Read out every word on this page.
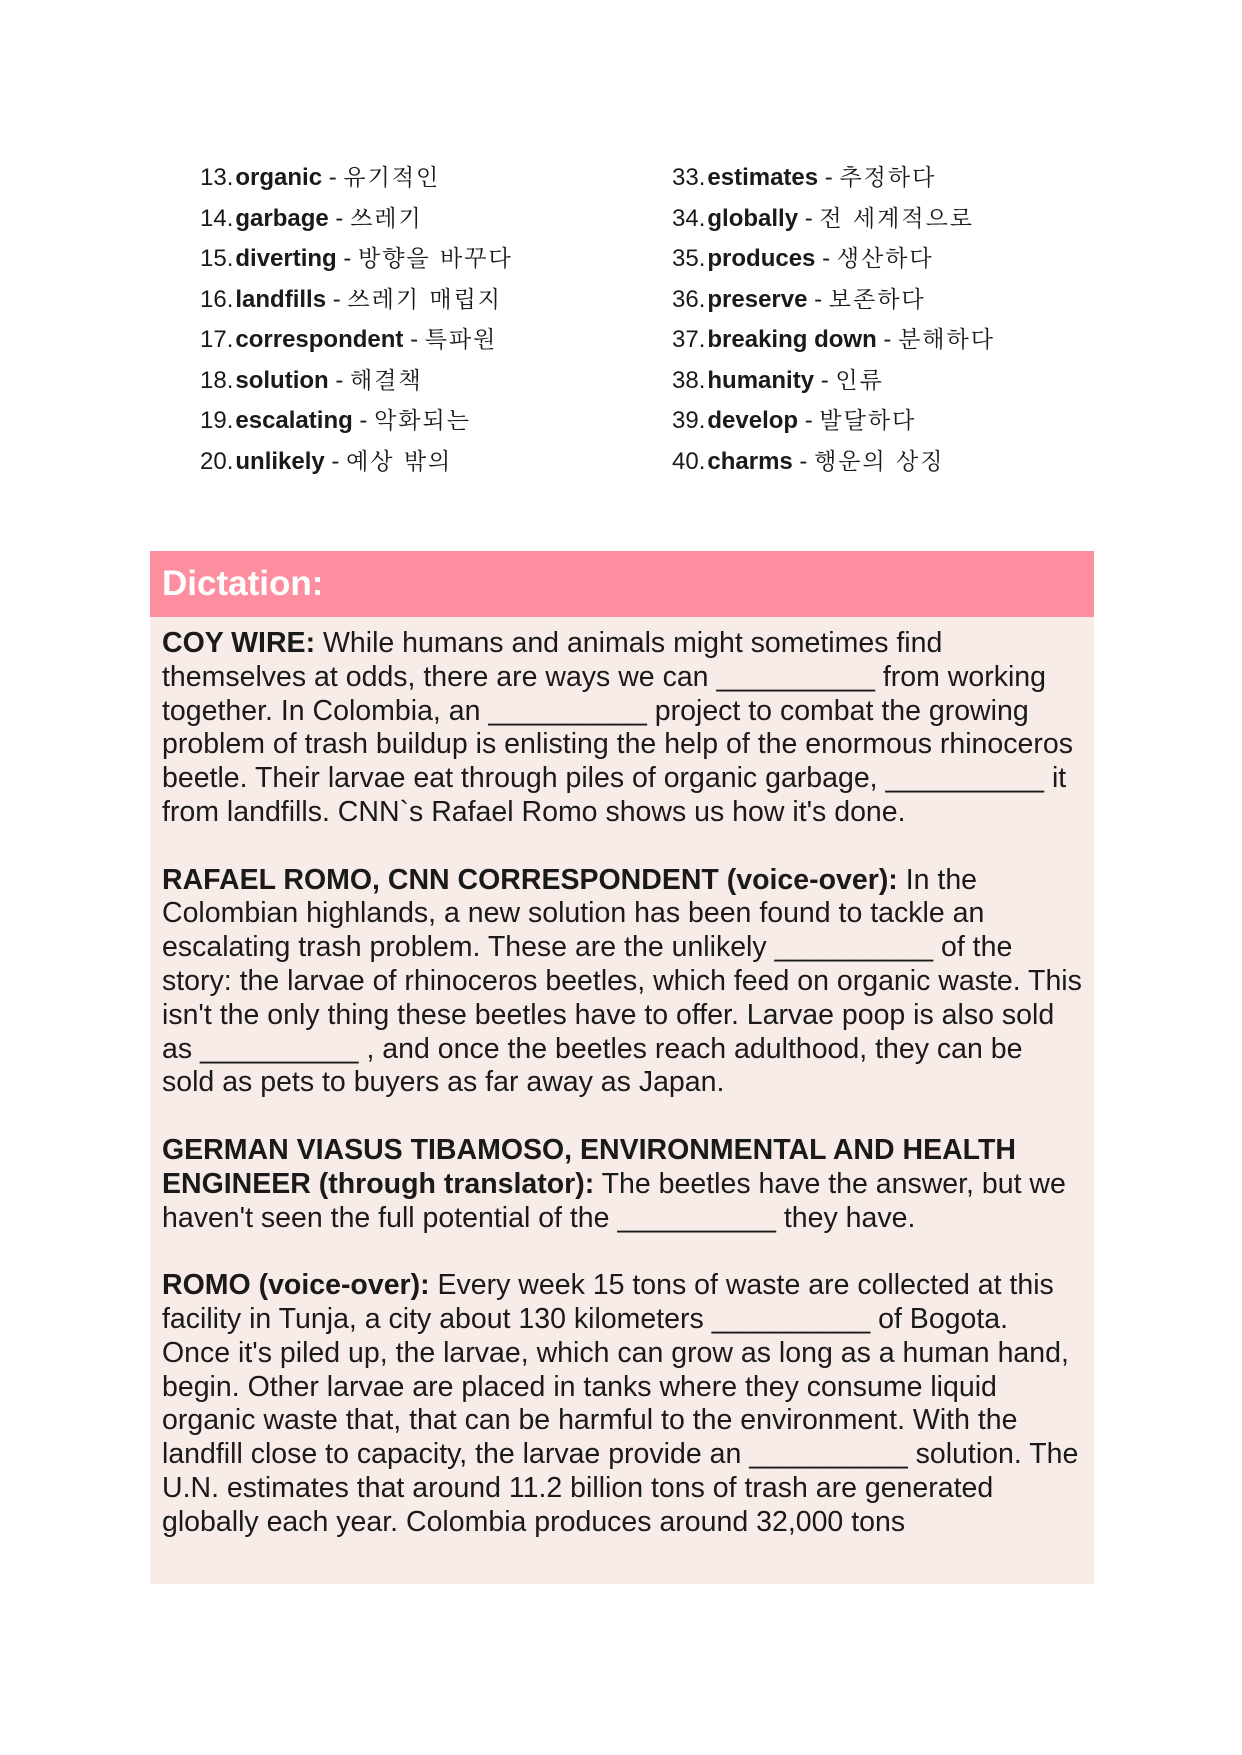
13.organic - 유기적인
14.garbage - 쓰레기
15.diverting - 방향을 바꾸다
16.landfills - 쓰레기 매립지
17.correspondent - 특파원
18.solution - 해결책
19.escalating - 악화되는
20.unlikely - 예상 밖의
33.estimates - 추정하다
34.globally - 전 세계적으로
35.produces - 생산하다
36.preserve - 보존하다
37.breaking down - 분해하다
38.humanity - 인류
39.develop - 발달하다
40.charms - 행운의 상징
Dictation:

COY WIRE: While humans and animals might sometimes find themselves at odds, there are ways we can __________ from working together. In Colombia, an __________ project to combat the growing problem of trash buildup is enlisting the help of the enormous rhinoceros beetle. Their larvae eat through piles of organic garbage, __________ it from landfills. CNN`s Rafael Romo shows us how it's done.

RAFAEL ROMO, CNN CORRESPONDENT (voice-over): In the Colombian highlands, a new solution has been found to tackle an escalating trash problem. These are the unlikely __________ of the story: the larvae of rhinoceros beetles, which feed on organic waste. This isn't the only thing these beetles have to offer. Larvae poop is also sold as __________ , and once the beetles reach adulthood, they can be sold as pets to buyers as far away as Japan.

GERMAN VIASUS TIBAMOSO, ENVIRONMENTAL AND HEALTH ENGINEER (through translator): The beetles have the answer, but we haven't seen the full potential of the __________ they have.

ROMO (voice-over): Every week 15 tons of waste are collected at this facility in Tunja, a city about 130 kilometers __________ of Bogota. Once it's piled up, the larvae, which can grow as long as a human hand, begin. Other larvae are placed in tanks where they consume liquid organic waste that, that can be harmful to the environment. With the landfill close to capacity, the larvae provide an __________ solution. The U.N. estimates that around 11.2 billion tons of trash are generated globally each year. Colombia produces around 32,000 tons
